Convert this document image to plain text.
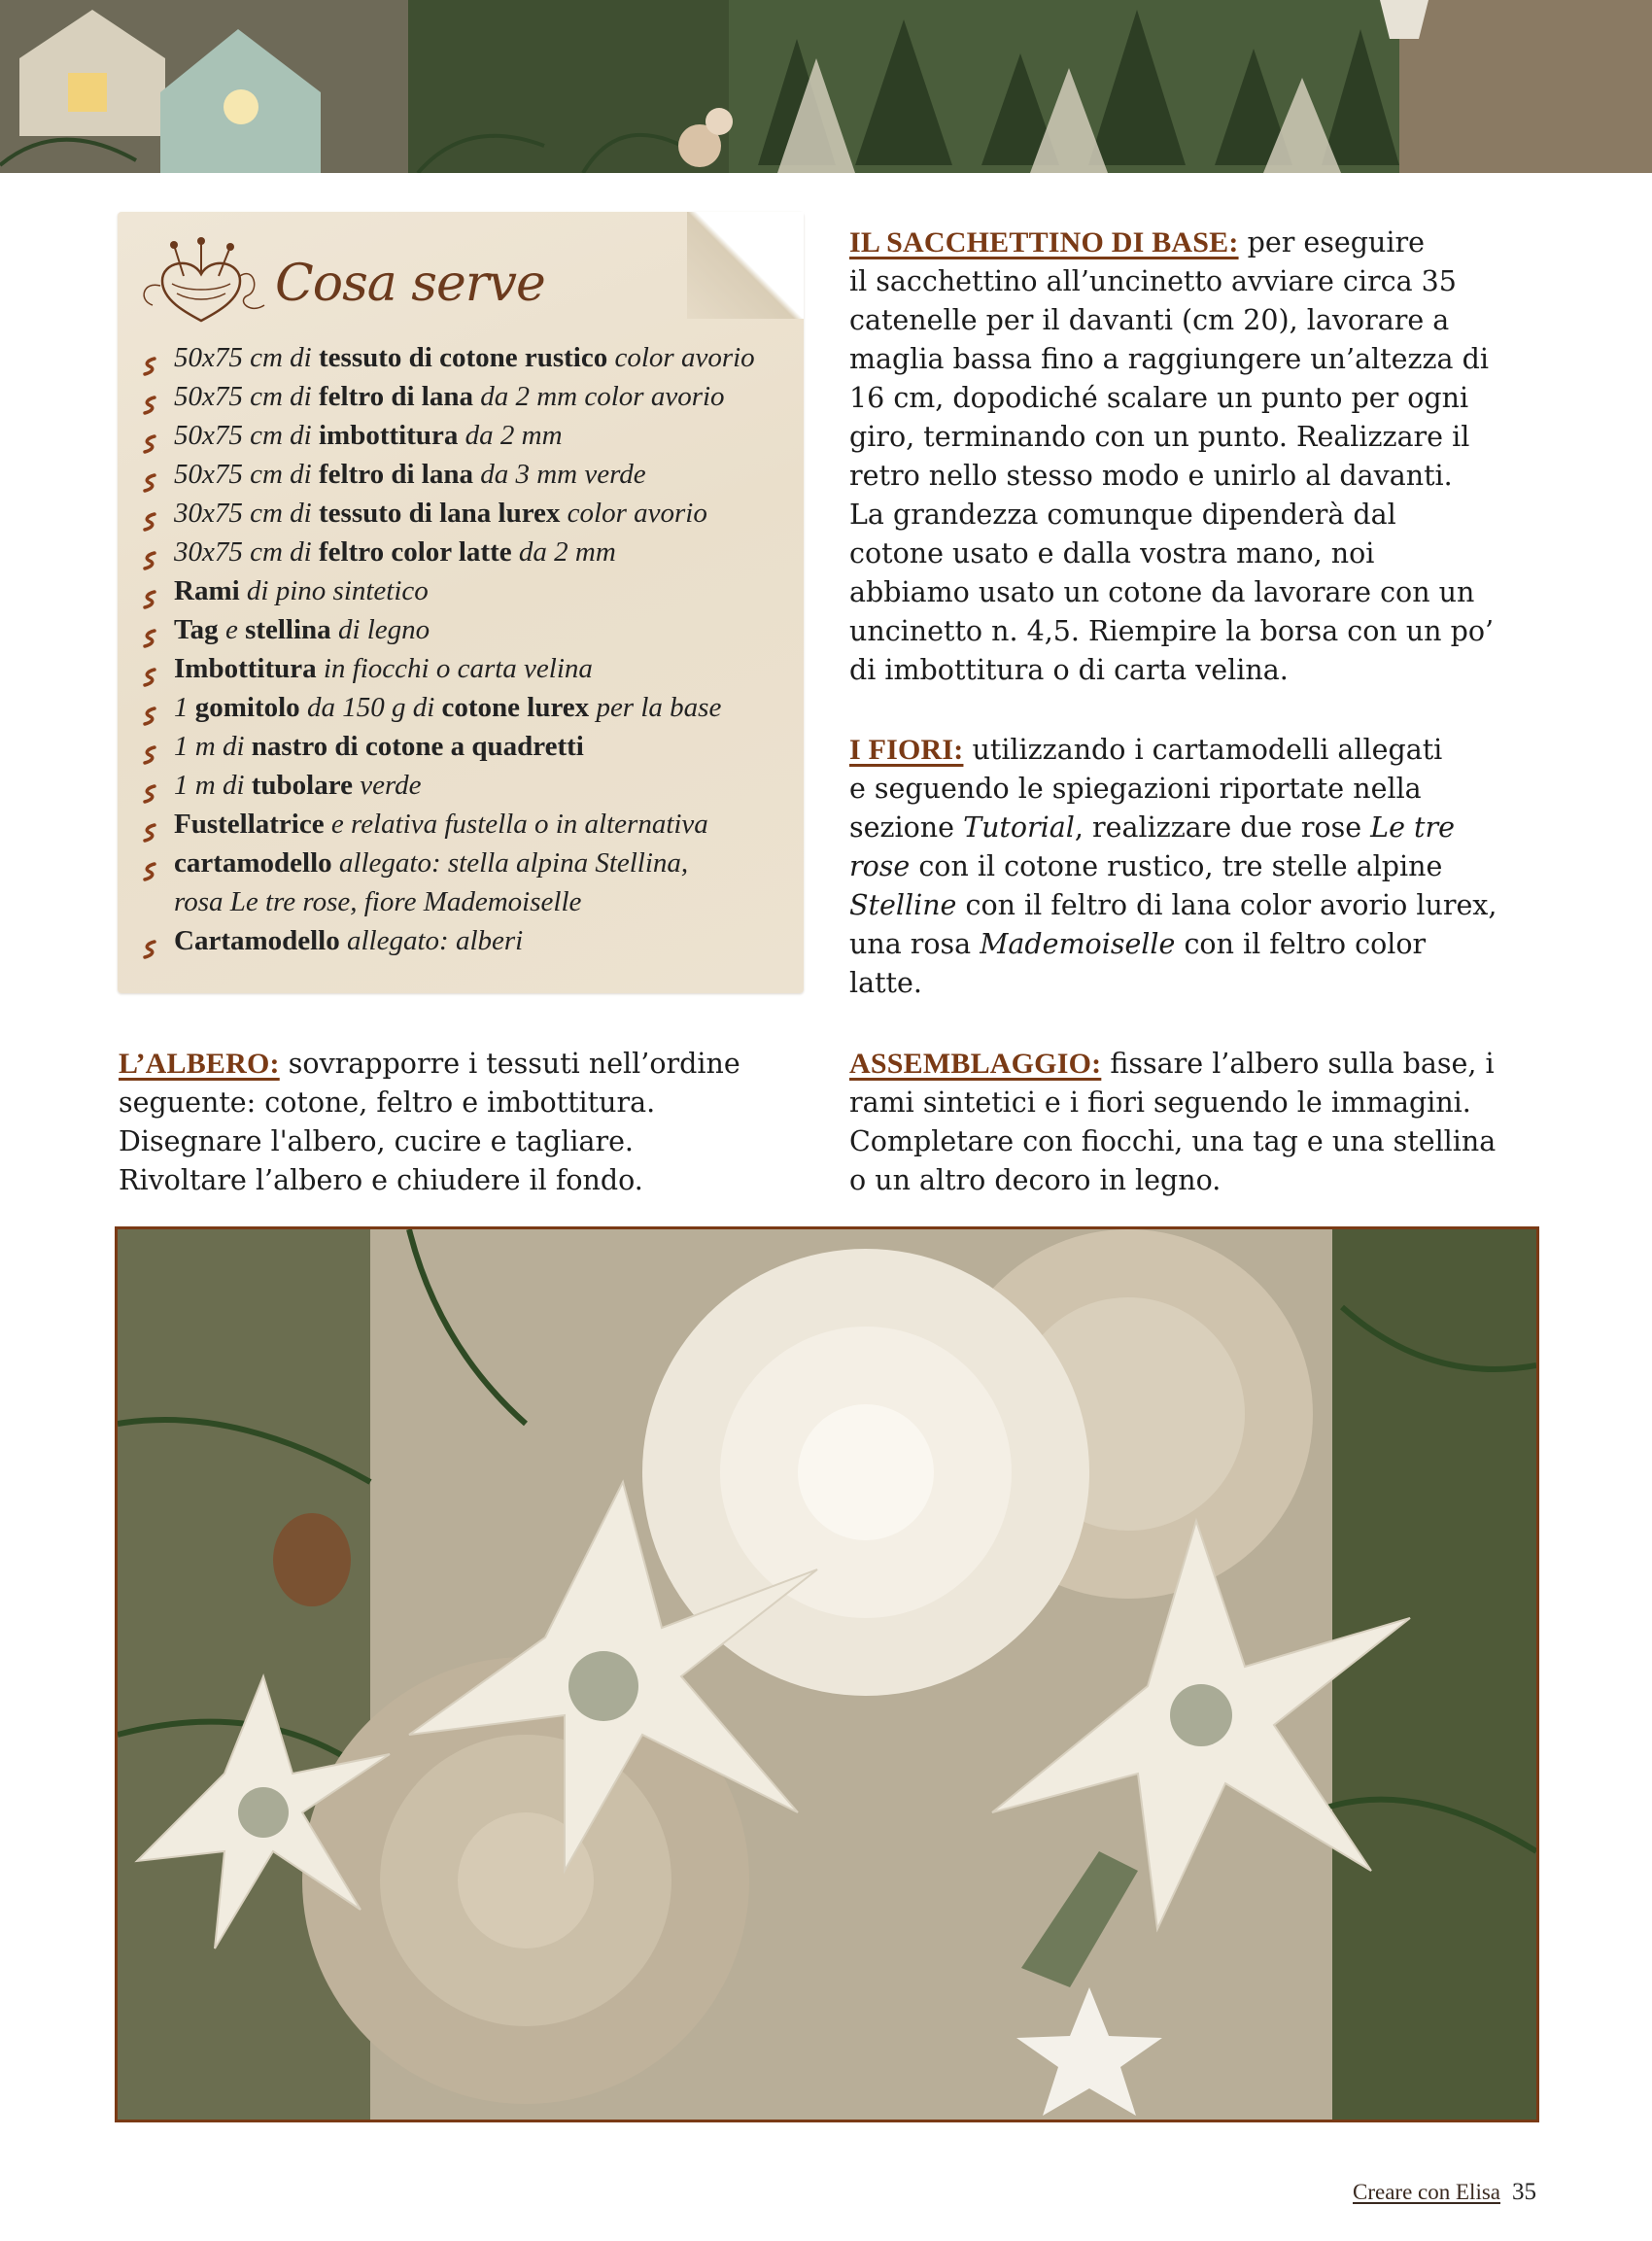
Cosa serve
50x75 cm di tessuto di cotone rustico color avorio
50x75 cm di feltro di lana da 2 mm color avorio
50x75 cm di imbottitura da 2 mm
50x75 cm di feltro di lana da 3 mm verde
30x75 cm di tessuto di lana lurex color avorio
30x75 cm di feltro color latte da 2 mm
Rami di pino sintetico
Tag e stellina di legno
Imbottitura in fiocchi o carta velina
1 gomitolo da 150 g di cotone lurex per la base
1 m di nastro di cotone a quadretti
1 m di tubolare verde
Fustellatrice e relativa fustella o in alternativa
cartamodello allegato: stella alpina Stellina,
rosa Le tre rose, fiore Mademoiselle
Cartamodello allegato: alberi

L’ALBERO: sovrapporre i tessuti nell’ordine
seguente: cotone, feltro e imbottitura.
Disegnare l'albero, cucire e tagliare.
Rivoltare l’albero e chiudere il fondo.

IL SACCHETTINO DI BASE: per eseguire
il sacchettino all’uncinetto avviare circa 35
catenelle per il davanti (cm 20), lavorare a
maglia bassa fino a raggiungere un’altezza di
16 cm, dopodiché scalare un punto per ogni
giro, terminando con un punto. Realizzare il
retro nello stesso modo e unirlo al davanti.
La grandezza comunque dipenderà dal
cotone usato e dalla vostra mano, noi
abbiamo usato un cotone da lavorare con un
uncinetto n. 4,5. Riempire la borsa con un po’
di imbottitura o di carta velina.

I FIORI: utilizzando i cartamodelli allegati
e seguendo le spiegazioni riportate nella
sezione Tutorial, realizzare due rose Le tre
rose con il cotone rustico, tre stelle alpine
Stelline con il feltro di lana color avorio lurex,
una rosa Mademoiselle con il feltro color
latte.

ASSEMBLAGGIO: fissare l’albero sulla base, i
rami sintetici e i fiori seguendo le immagini.
Completare con fiocchi, una tag e una stellina
o un altro decoro in legno.

Creare con Elisa 35
